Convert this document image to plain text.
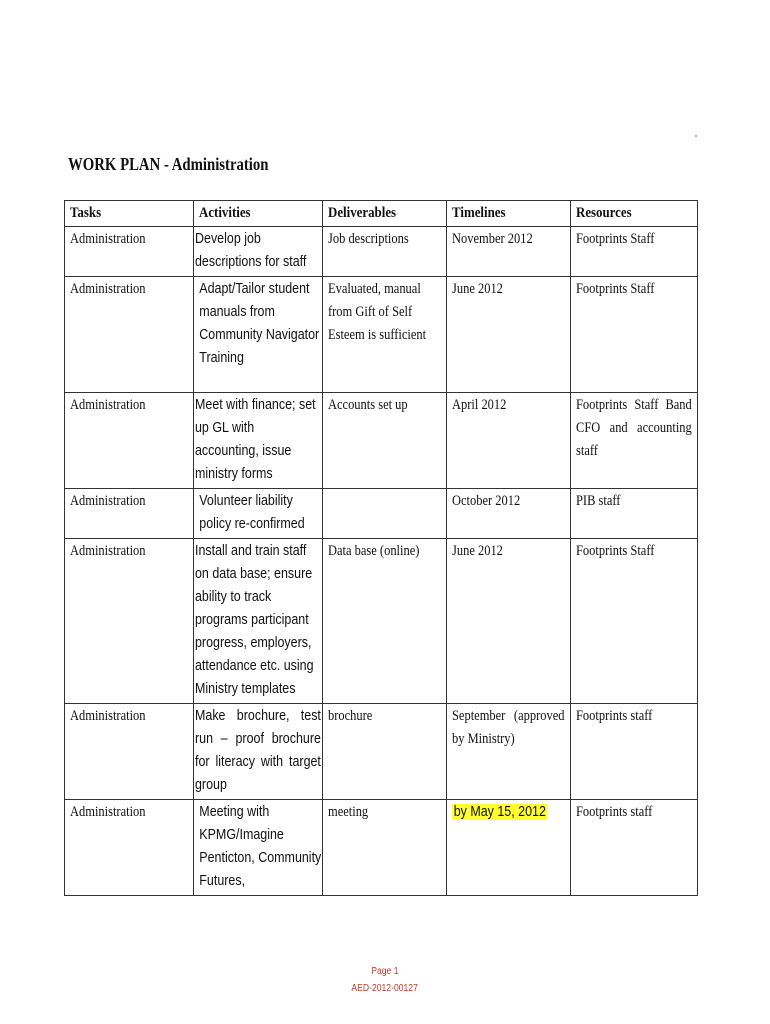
WORK PLAN - Administration
Tasks	Activities	Deliverables	Timelines	Resources

Administration	Develop job descriptions for staff	Job descriptions	November 2012	Footprints Staff

Administration	Adapt/Tailor student manuals from Community Navigator Training	Evaluated, manual from Gift of Self Esteem is sufficient	June 2012	Footprints Staff

Administration	Meet with finance; set up GL with accounting, issue ministry forms	Accounts set up	April 2012	Footprints Staff Band CFO and accounting staff

Administration	Volunteer liability policy re-confirmed		October 2012	PIB staff

Administration	Install and train staff on data base; ensure ability to track programs participant progress, employers, attendance etc. using Ministry templates	Data base (online)	June 2012	Footprints Staff

Administration	Make brochure, test run – proof brochure for literacy with target group	brochure	September (approved by Ministry)	Footprints staff

Administration	Meeting with KPMG/Imagine Penticton, Community Futures,	meeting	by May 15, 2012	Footprints staff
Page 1
AED-2012-00127
